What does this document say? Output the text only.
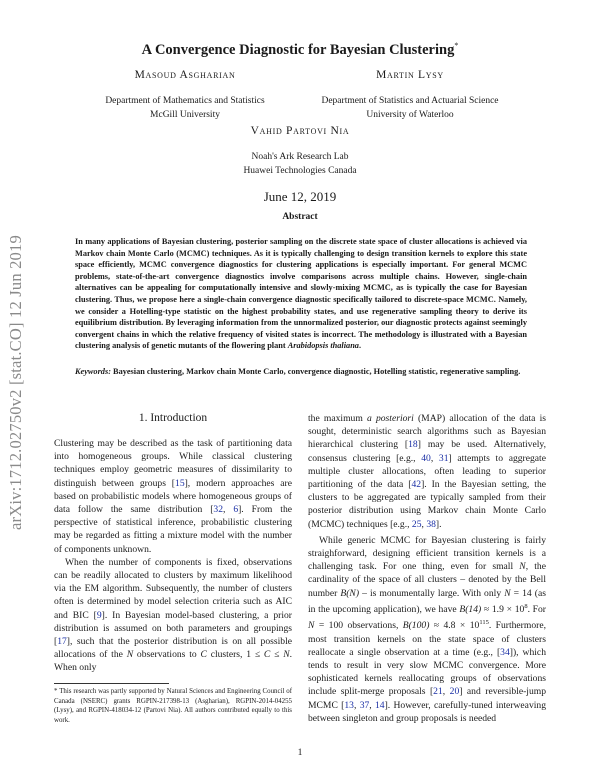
arXiv:1712.02750v2 [stat.CO] 12 Jun 2019
A Convergence Diagnostic for Bayesian Clustering*
Masoud Asgharian	Martin Lysy
Department of Mathematics and Statistics
McGill University
Department of Statistics and Actuarial Science
University of Waterloo
Vahid Partovi Nia
Noah's Ark Research Lab
Huawei Technologies Canada
June 12, 2019
Abstract
In many applications of Bayesian clustering, posterior sampling on the discrete state space of cluster allocations is achieved via Markov chain Monte Carlo (MCMC) techniques. As it is typically challenging to design transition kernels to explore this state space efficiently, MCMC convergence diagnostics for clustering applications is especially important. For general MCMC problems, state-of-the-art convergence diagnostics involve comparisons across multiple chains. However, single-chain alternatives can be appealing for computationally intensive and slowly-mixing MCMC, as is typically the case for Bayesian clustering. Thus, we propose here a single-chain convergence diagnostic specifically tailored to discrete-space MCMC. Namely, we consider a Hotelling-type statistic on the highest probability states, and use regenerative sampling theory to derive its equilibrium distribution. By leveraging information from the unnormalized posterior, our diagnostic protects against seemingly convergent chains in which the relative frequency of visited states is incorrect. The methodology is illustrated with a Bayesian clustering analysis of genetic mutants of the flowering plant Arabidopsis thaliana.
Keywords: Bayesian clustering, Markov chain Monte Carlo, convergence diagnostic, Hotelling statistic, regenerative sampling.
1. Introduction

Clustering may be described as the task of partitioning data into homogeneous groups. While classical clustering techniques employ geometric measures of dissimilarity to distinguish between groups [15], modern approaches are based on probabilistic models where homogeneous groups of data follow the same distribution [32, 6]. From the perspective of statistical inference, probabilistic clustering may be regarded as fitting a mixture model with the number of components unknown.

When the number of components is fixed, observations can be readily allocated to clusters by maximum likelihood via the EM algorithm. Subsequently, the number of clusters often is determined by model selection criteria such as AIC and BIC [9]. In Bayesian model-based clustering, a prior distribution is assumed on both parameters and groupings [17], such that the posterior distribution is on all possible allocations of the N observations to C clusters, 1 ≤ C ≤ N. When only

* This research was partly supported by Natural Sciences and Engineering Council of Canada (NSERC) grants RGPIN-217398-13 (Asgharian), RGPIN-2014-04255 (Lysy), and RGPIN-418034-12 (Partovi Nia). All authors contributed equally to this work.

the maximum a posteriori (MAP) allocation of the data is sought, deterministic search algorithms such as Bayesian hierarchical clustering [18] may be used. Alternatively, consensus clustering [e.g., 40, 31] attempts to aggregate multiple cluster allocations, often leading to superior partitioning of the data [42]. In the Bayesian setting, the clusters to be aggregated are typically sampled from their posterior distribution using Markov chain Monte Carlo (MCMC) techniques [e.g., 25, 38].

While generic MCMC for Bayesian clustering is fairly straighforward, designing efficient transition kernels is a challenging task. For one thing, even for small N, the cardinality of the space of all clusters – denoted by the Bell number B(N) – is monumentally large. With only N = 14 (as in the upcoming application), we have $B(14) \approx 1.9 \times 10^8$. For N = 100 observations, $B(100) \approx 4.8 \times 10^{115}$. Furthermore, most transition kernels on the state space of clusters reallocate a single observation at a time (e.g., [34]), which tends to result in very slow MCMC convergence. More sophisticated kernels reallocating groups of observations include split-merge proposals [21, 20] and reversible-jump MCMC [13, 37, 14]. However, carefully-tuned interweaving between singleton and group proposals is needed

1
